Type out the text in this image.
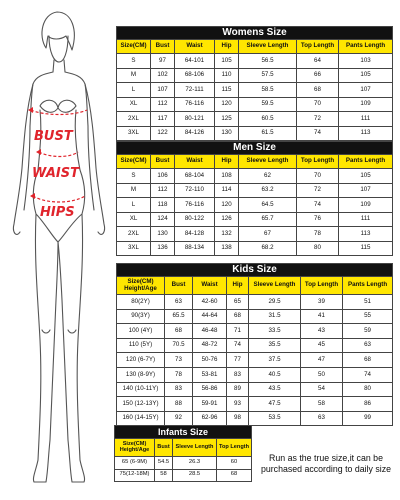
BUST
WAIST
HIPS
Womens Size						
Size(CM)	Bust	Waist	Hip	Sleeve Length	Top Length	Pants Length
S	97	64-101	105	56.5	64	103
M	102	68-106	110	57.5	66	105
L	107	72-111	115	58.5	68	107
XL	112	76-116	120	59.5	70	109
2XL	117	80-121	125	60.5	72	111
3XL	122	84-126	130	61.5	74	113
Men Size						
Size(CM)	Bust	Waist	Hip	Sleeve Length	Top Length	Pants Length
S	106	68-104	108	62	70	105
M	112	72-110	114	63.2	72	107
L	118	76-116	120	64.5	74	109
XL	124	80-122	126	65.7	76	111
2XL	130	84-128	132	67	78	113
3XL	136	88-134	138	68.2	80	115
Kids Size						
Size(CM)
Height/Age	Bust	Waist	Hip	Sleeve Length	Top Length	Pants Length
80(2Y)	63	42-60	65	29.5	39	51
90(3Y)	65.5	44-64	68	31.5	41	55
100 (4Y)	68	46-48	71	33.5	43	59
110 (5Y)	70.5	48-72	74	35.5	45	63
120 (6-7Y)	73	50-76	77	37.5	47	68
130 (8-9Y)	78	53-81	83	40.5	50	74
140 (10-11Y)	83	56-86	89	43.5	54	80
150 (12-13Y)	88	59-91	93	47.5	58	86
160 (14-15Y)	92	62-96	98	53.5	63	99
Infants Size			
Size(CM)
Height/Age	Bust	Sleeve Length	Top Length
65 (6-9M)	54.5	26.3	60
75(12-18M)	58	28.5	68
Run as the true size,it can be purchased according to daily size
